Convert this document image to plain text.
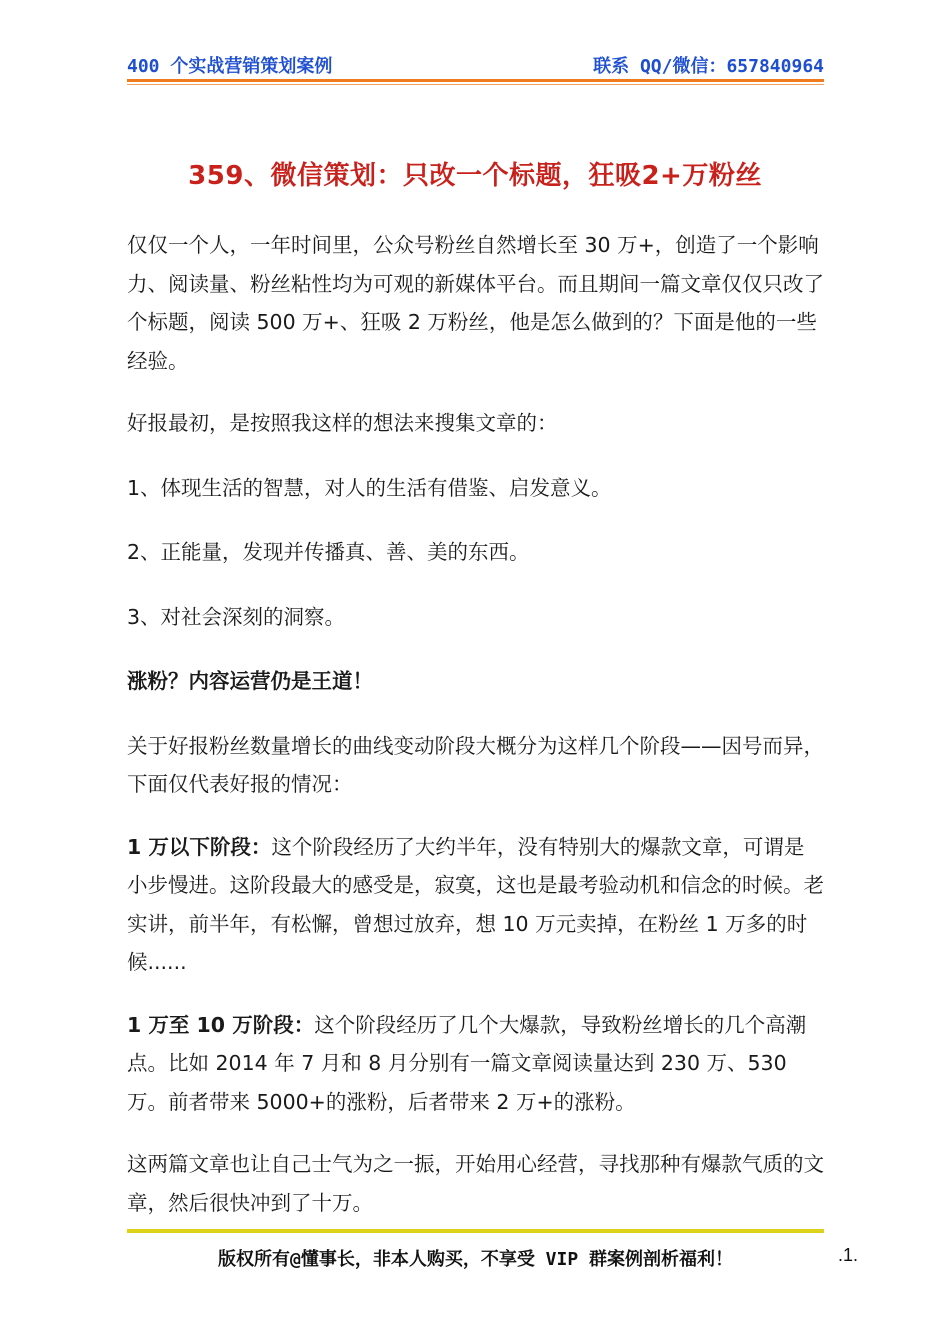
400 个实战营销策划案例	联系 QQ/微信：657840964
359、微信策划：只改一个标题，狂吸2+万粉丝

仅仅一个人，一年时间里，公众号粉丝自然增长至 30 万+，创造了一个影响力、阅读量、粉丝粘性均为可观的新媒体平台。而且期间一篇文章仅仅只改了个标题，阅读 500 万+、狂吸 2 万粉丝，他是怎么做到的？下面是他的一些经验。

好报最初，是按照我这样的想法来搜集文章的：

1、体现生活的智慧，对人的生活有借鉴、启发意义。

2、正能量，发现并传播真、善、美的东西。

3、对社会深刻的洞察。

涨粉？内容运营仍是王道！

关于好报粉丝数量增长的曲线变动阶段大概分为这样几个阶段——因号而异，下面仅代表好报的情况：

1 万以下阶段：这个阶段经历了大约半年，没有特别大的爆款文章，可谓是小步慢进。这阶段最大的感受是，寂寞，这也是最考验动机和信念的时候。老实讲，前半年，有松懈，曾想过放弃，想 10 万元卖掉，在粉丝 1 万多的时候......

1 万至 10 万阶段：这个阶段经历了几个大爆款，导致粉丝增长的几个高潮点。比如 2014 年 7 月和 8 月分别有一篇文章阅读量达到 230 万、530 万。前者带来 5000+的涨粉，后者带来 2 万+的涨粉。

这两篇文章也让自己士气为之一振，开始用心经营，寻找那种有爆款气质的文章，然后很快冲到了十万。

版权所有@懂事长，非本人购买，不享受 VIP 群案例剖析福利！	.1.
